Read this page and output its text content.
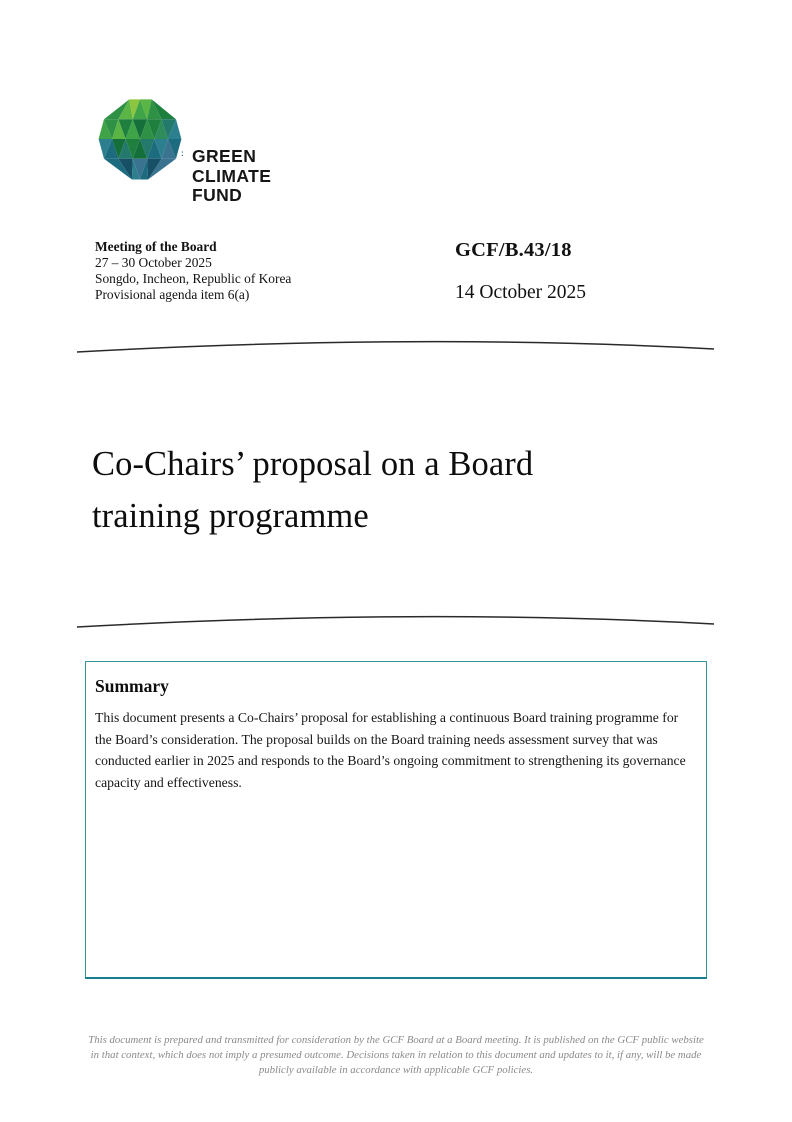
: GREEN
CLIMATE
FUND
Meeting of the Board
27 – 30 October 2025
Songdo, Incheon, Republic of Korea
Provisional agenda item 6(a)
GCF/B.43/18
14 October 2025
Co-Chairs’ proposal on a Board
training programme
Summary

This document presents a Co-Chairs’ proposal for establishing a continuous Board training programme for the Board’s consideration. The proposal builds on the Board training needs assessment survey that was conducted earlier in 2025 and responds to the Board’s ongoing commitment to strengthening its governance capacity and effectiveness.

This document is prepared and transmitted for consideration by the GCF Board at a Board meeting. It is published on the GCF public website in that context, which does not imply a presumed outcome. Decisions taken in relation to this document and updates to it, if any, will be made publicly available in accordance with applicable GCF policies.
